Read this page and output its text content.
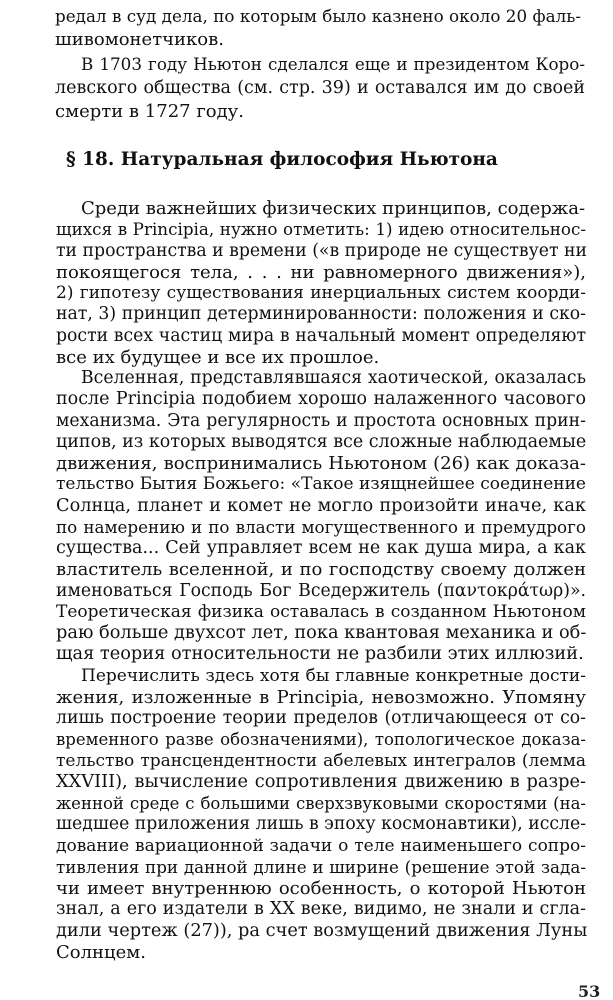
редал в суд дела, по которым было казнено около 20 фаль-
шивомонетчиков.
В 1703 году Ньютон сделался еще и президентом Коро-
левского общества (см. стр. 39) и оставался им до своей
смерти в 1727 году.
§ 18. Натуральная философия Ньютона
Среди важнейших физических принципов, содержа-
щихся в Principia, нужно отметить: 1) идею относительнос-
ти пространства и времени («в природе не существует ни
покоящегося тела, . . . ни равномерного движения»),
2) гипотезу существования инерциальных систем коорди-
нат, 3) принцип детерминированности: положения и ско-
рости всех частиц мира в начальный момент определяют
все их будущее и все их прошлое.
Вселенная, представлявшаяся хаотической, оказалась
после Principia подобием хорошо налаженного часового
механизма. Эта регулярность и простота основных прин-
ципов, из которых выводятся все сложные наблюдаемые
движения, воспринимались Ньютоном (26) как доказа-
тельство Бытия Божьего: «Такое изящнейшее соединение
Солнца, планет и комет не могло произойти иначе, как
по намерению и по власти могущественного и премудрого
существа... Сей управляет всем не как душа мира, а как
властитель вселенной, и по господству своему должен
именоваться Господь Бог Вседержитель (παντοκράτωρ)».
Теоретическая физика оставалась в созданном Ньютоном
раю больше двухсот лет, пока квантовая механика и об-
щая теория относительности не разбили этих иллюзий.
Перечислить здесь хотя бы главные конкретные дости-
жения, изложенные в Principia, невозможно. Упомяну
лишь построение теории пределов (отличающееся от со-
временного разве обозначениями), топологическое доказа-
тельство трансцендентности абелевых интегралов (лемма
XXVIII), вычисление сопротивления движению в разре-
женной среде с большими сверхзвуковыми скоростями (на-
шедшее приложения лишь в эпоху космонавтики), иссле-
дование вариационной задачи о теле наименьшего сопро-
тивления при данной длине и ширине (решение этой зада-
чи имеет внутреннюю особенность, о которой Ньютон
знал, а его издатели в XX веке, видимо, не знали и сгла-
дили чертеж (27)), ра счет возмущений движения Луны
Солнцем.
53
